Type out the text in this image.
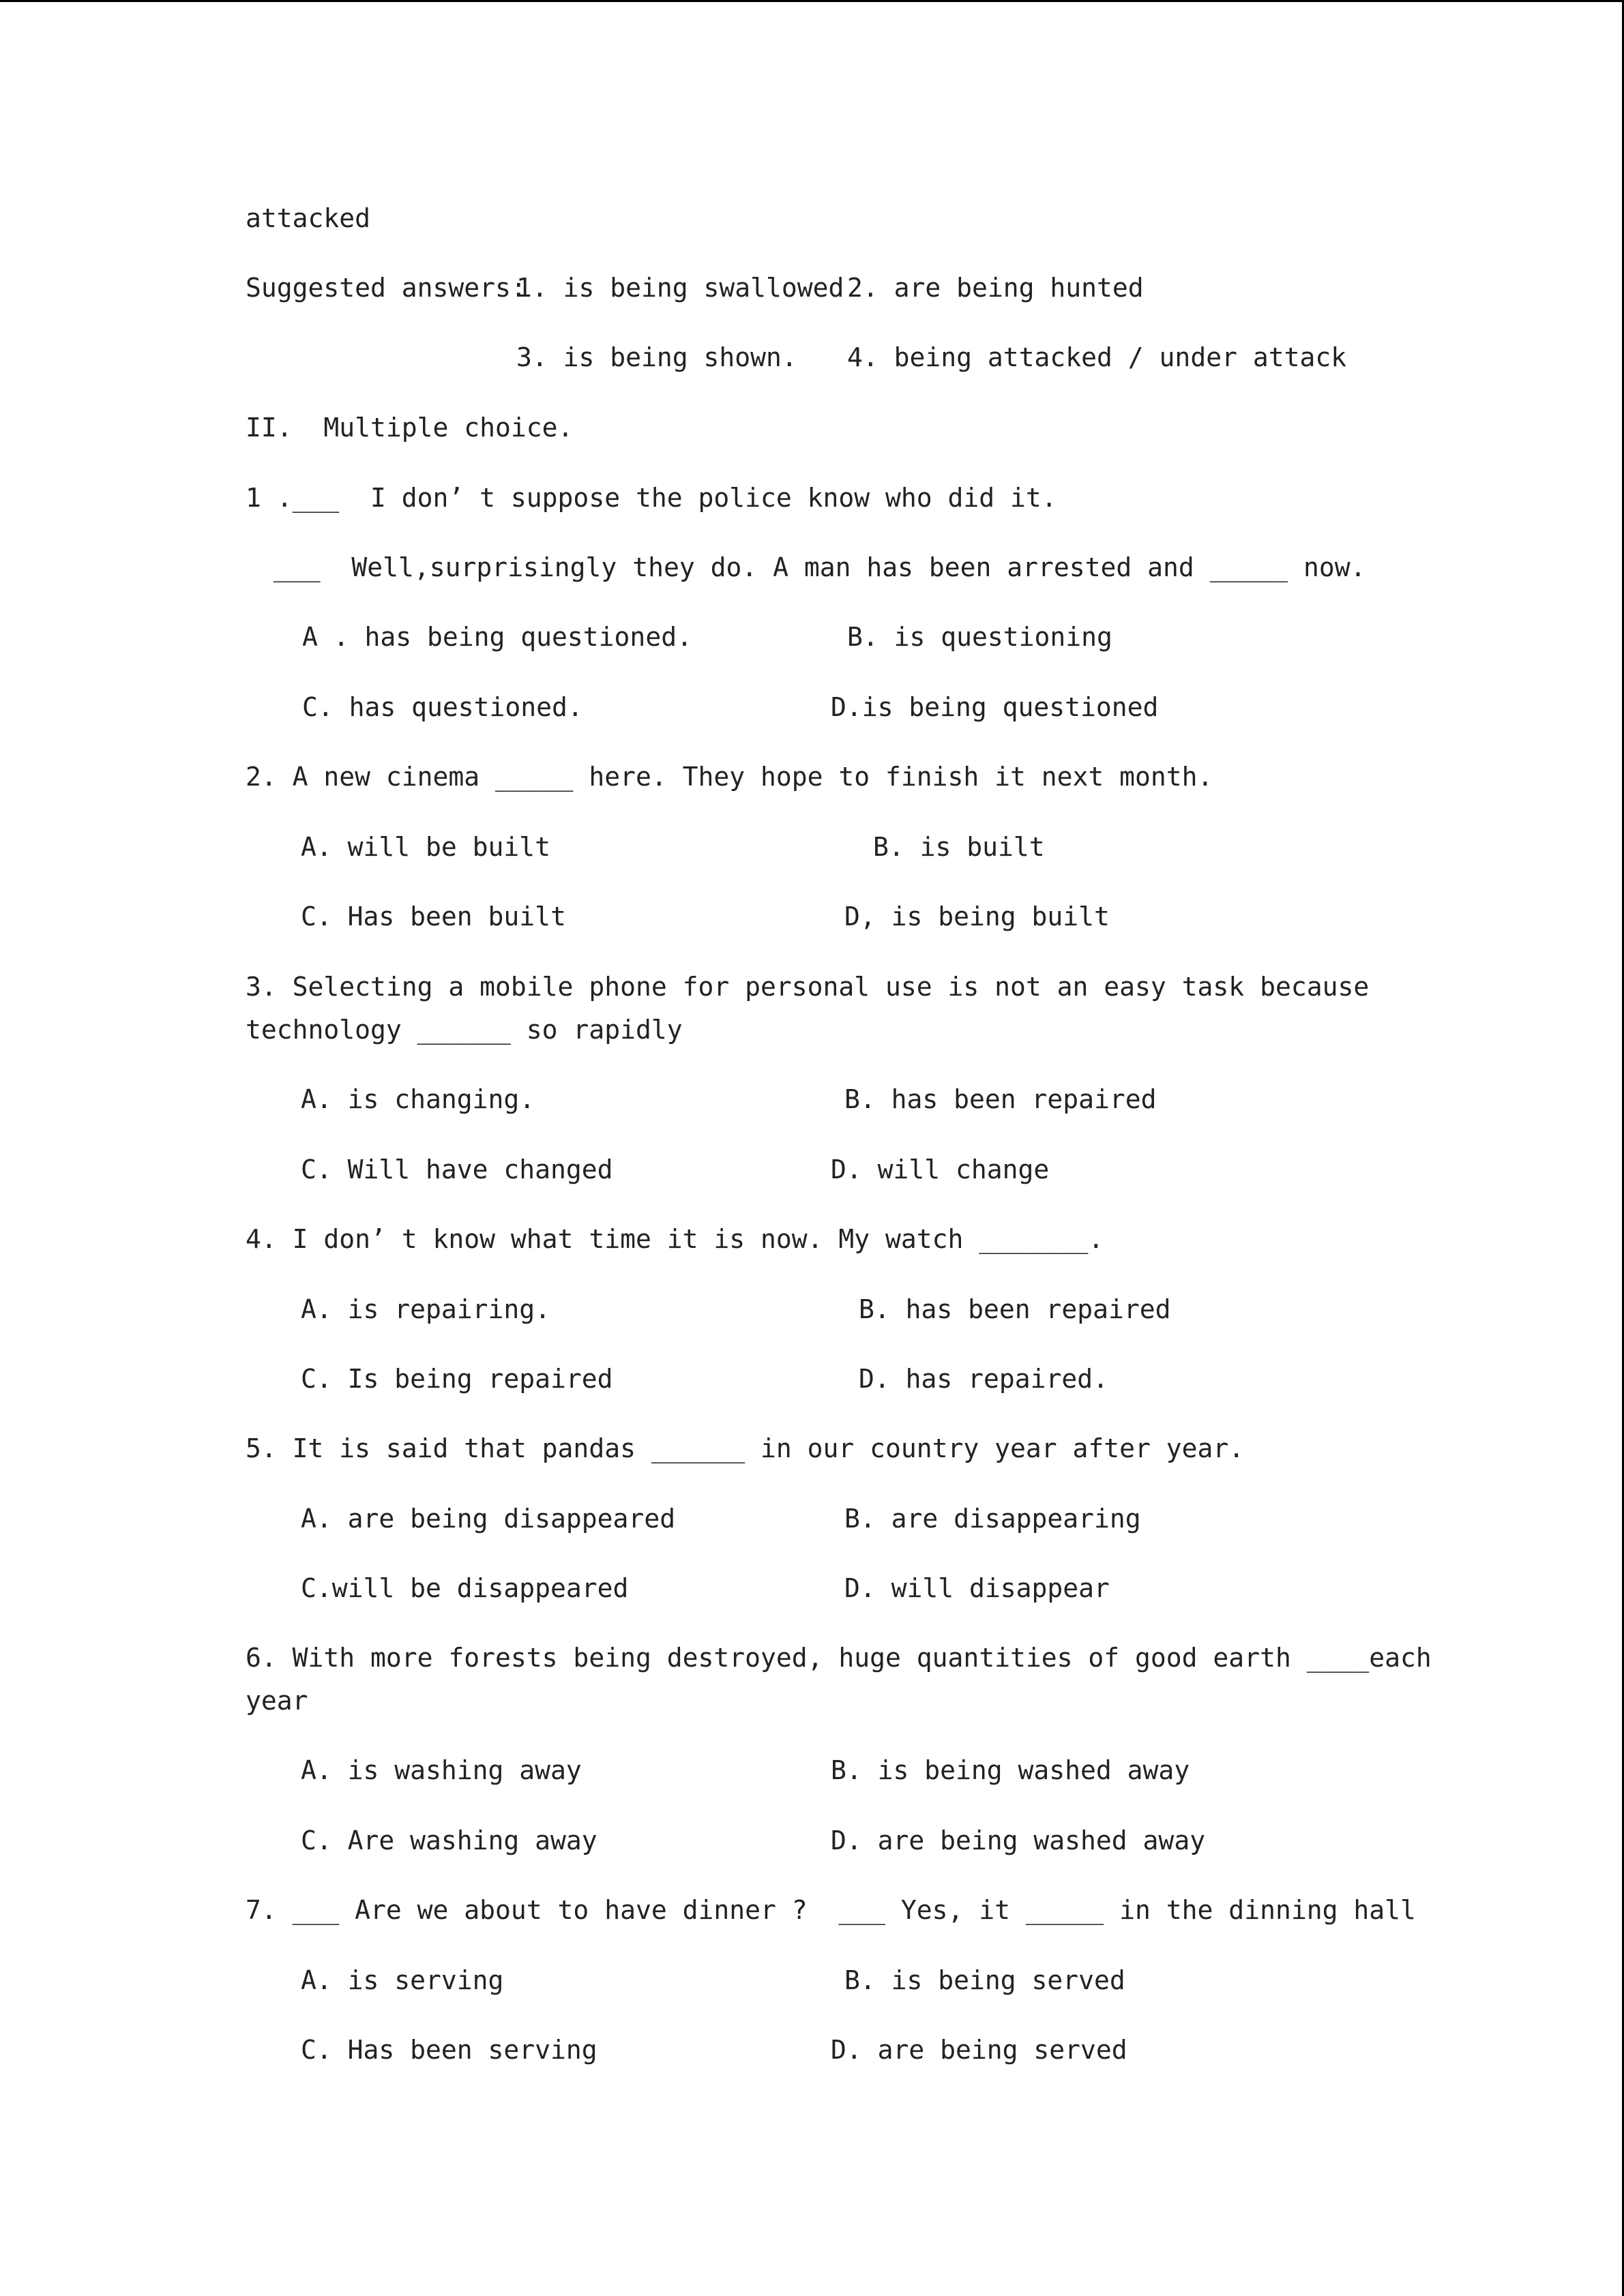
attacked

Suggested answers:

1. is being swallowed 2. are being hunted

3. is being shown. 4. being attacked / under attack

II.  Multiple choice.

1 .___  I don’ t suppose the police know who did it.

___  Well,surprisingly they do. A man has been arrested and _____ now.

A . has being questioned.	B. is questioning

C. has questioned.	D.is being questioned

2. A new cinema _____ here. They hope to finish it next month.

A. will be built	B. is built

C. Has been built	D, is being built

3. Selecting a mobile phone for personal use is not an easy task because

technology ______ so rapidly

A. is changing.	B. has been repaired

C. Will have changed	D. will change

4. I don’ t know what time it is now. My watch _______.

A. is repairing.	B. has been repaired

C. Is being repaired	D. has repaired.

5. It is said that pandas ______ in our country year after year.

A. are being disappeared	B. are disappearing

C.will be disappeared	D. will disappear

6. With more forests being destroyed, huge quantities of good earth ____each

year

A. is washing away	B. is being washed away

C. Are washing away	D. are being washed away

7. ___ Are we about to have dinner ?  ___ Yes, it _____ in the dinning hall

A. is serving	B. is being served

C. Has been serving	D. are being served
